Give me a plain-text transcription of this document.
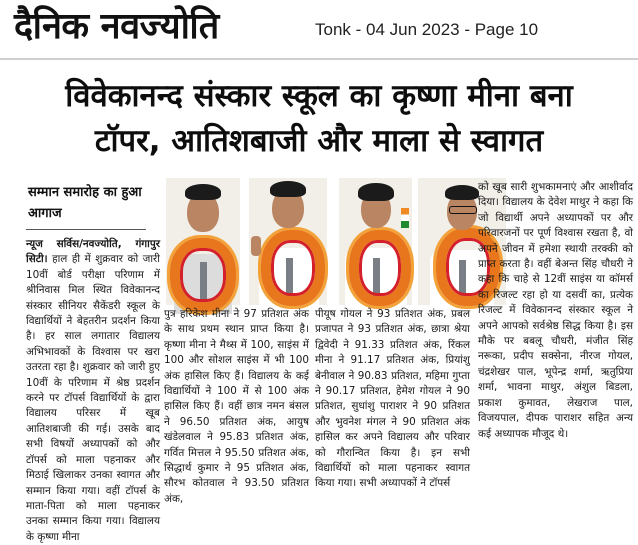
दैनिक नवज्योति	Tonk - 04 Jun 2023 - Page 10
विवेकानन्द संस्कार स्कूल का कृष्णा मीना बना
टॉपर, आतिशबाजी और माला से स्वागत
सम्मान समारोह का हुआ आगाज
न्यूज सर्विस/नवज्योति, गंगापुर सिटी। हाल ही में शुक्रवार को जारी 10वीं बोर्ड परीक्षा परिणाम में श्रीनिवास मिल स्थित विवेकानन्द संस्कार सीनियर सैकेंडरी स्कूल के विद्यार्थियों ने बेहतरीन प्रदर्शन किया है। हर साल लगातार विद्यालय अभिभावकों के विश्वास पर खरा उतरता रहा है। शुक्रवार को जारी हुए 10वीं के परिणाम में श्रेष्ठ प्रदर्शन करने पर टॉपर्स विद्यार्थियों के द्वारा विद्यालय परिसर में खूब आतिशबाजी की गई। उसके बाद सभी विषयों अध्यापकों को और टॉपर्स को माला पहनाकर और मिठाई खिलाकर उनका स्वागत और सम्मान किया गया। वहीं टॉपर्स के माता-पिता को माला पहनाकर उनका सम्मान किया गया। विद्यालय के कृष्णा मीना
पुत्र हरिकेश मीना ने 97 प्रतिशत अंक के साथ प्रथम स्थान प्राप्त किया है। कृष्णा मीना ने मैथ्स में 100, साइंस में 100 और सोशल साइंस में भी 100 अंक हासिल किए हैं। विद्यालय के कई विद्यार्थियों ने 100 में से 100 अंक हासिल किए हैं। वहीं छात्र नमन बंसल ने 96.50 प्रतिशत अंक, आयुष खंडेलवाल ने 95.83 प्रतिशत अंक, गर्वित मित्तल ने 95.50 प्रतिशत अंक, सिद्धार्थ कुमार ने 95 प्रतिशत अंक, सौरभ कोतवाल ने 93.50 प्रतिशत अंक,
पीयूष गोयल ने 93 प्रतिशत अंक, प्रबल प्रजापत ने 93 प्रतिशत अंक, छात्रा श्रेया द्विवेदी ने 91.33 प्रतिशत अंक, रिंकल मीना ने 91.17 प्रतिशत अंक, प्रियांशु बेनीवाल ने 90.83 प्रतिशत, महिमा गुप्ता ने 90.17 प्रतिशत, हेमेश गोयल ने 90 प्रतिशत, सुधांशु पाराशर ने 90 प्रतिशत और भुवनेश मंगल ने 90 प्रतिशत अंक हासिल कर अपने विद्यालय और परिवार को गौरान्वित किया है। इन सभी विद्यार्थियों को माला पहनाकर स्वागत किया गया। सभी अध्यापकों ने टॉपर्स
को खूब सारी शुभकामनाएं और आशीर्वाद दिया। विद्यालय के देवेश माथुर ने कहा कि जो विद्यार्थी अपने अध्यापकों पर और परिवारजनों पर पूर्ण विश्वास रखता है, वो अपने जीवन में हमेशा स्थायी तरक्की को प्राप्त करता है। वहीं बेअन्त सिंह चौधरी ने कहा कि चाहे से 12वीं साइंस या कॉमर्स का रिजल्ट रहा हो या दसवीं का, प्रत्येक रिजल्ट में विवेकानन्द संस्कार स्कूल ने अपने आपको सर्वश्रेष्ठ सिद्ध किया है। इस मौके पर बबलू चौधरी, मंजीत सिंह नरूका, प्रदीप सक्सेना, नीरज गोयल, चंद्रशेखर पाल, भूपेन्द्र शर्मा, ऋतुप्रिया शर्मा, भावना माथुर, अंशुल बिडला, प्रकाश कुमावत, लेखराज पाल, विजयपाल, दीपक पाराशर सहित अन्य कई अध्यापक मौजूद थे।
